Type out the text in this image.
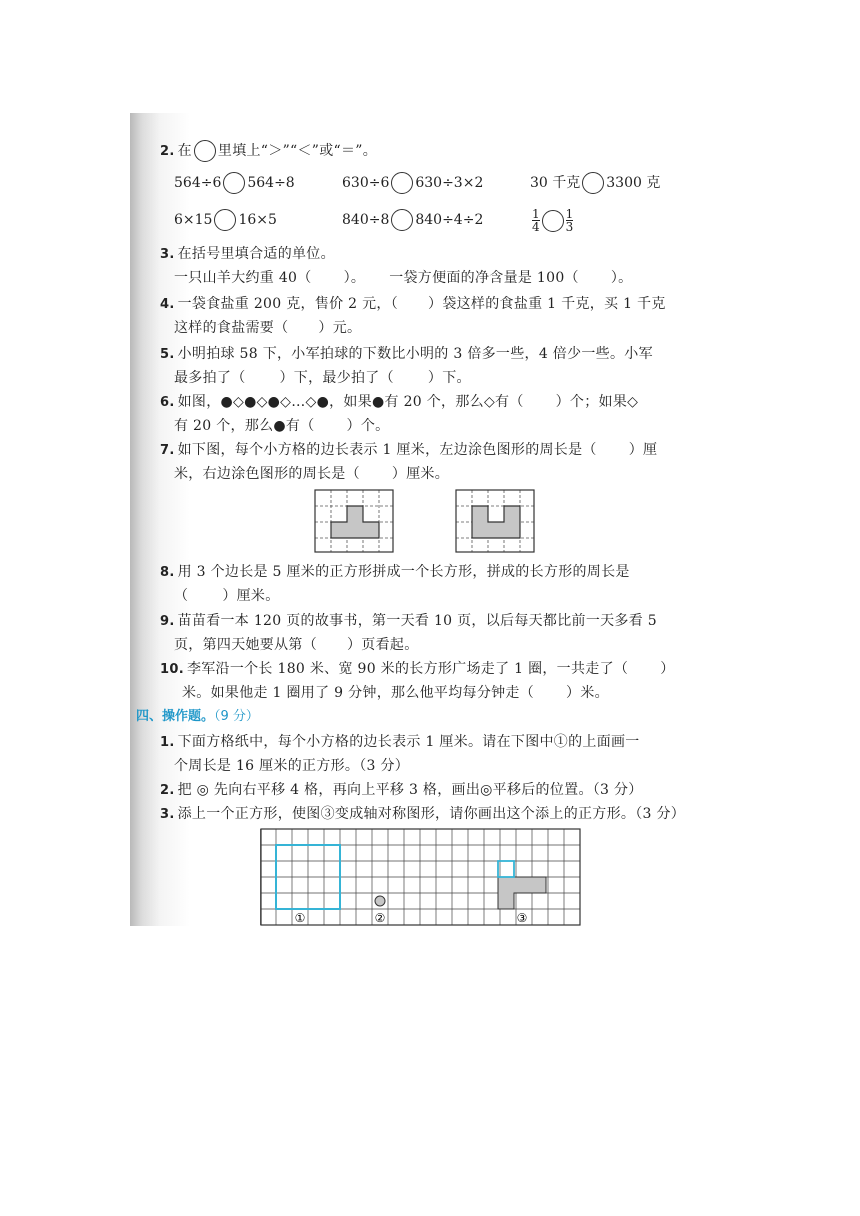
2. 在 里填上“＞”“＜”或“＝”。
564÷6 564÷8	630÷6 630÷3×2	30 千克 3300 克
6×15 16×5	840÷8 840÷4÷2	$\frac{1}{4} \frac{1}{3}$
3. 在括号里填合适的单位。
一只山羊大约重 40（ ）。 一袋方便面的净含量是 100（ ）。
4. 一袋食盐重 200 克，售价 2 元，（ ）袋这样的食盐重 1 千克，买 1 千克
这样的食盐需要（ ）元。
5. 小明拍球 58 下，小军拍球的下数比小明的 3 倍多一些，4 倍少一些。小军
最多拍了（ ）下，最少拍了（ ）下。
6. 如图，●◇●◇●◇…◇●，如果●有 20 个，那么◇有（ ）个；如果◇
有 20 个，那么●有（ ）个。
7. 如下图，每个小方格的边长表示 1 厘米，左边涂色图形的周长是（ ）厘
米，右边涂色图形的周长是（ ）厘米。
8. 用 3 个边长是 5 厘米的正方形拼成一个长方形，拼成的长方形的周长是
（ ）厘米。
9. 苗苗看一本 120 页的故事书，第一天看 10 页，以后每天都比前一天多看 5
页，第四天她要从第（ ）页看起。
10. 李军沿一个长 180 米、宽 90 米的长方形广场走了 1 圈，一共走了（ ）
米。如果他走 1 圈用了 9 分钟，那么他平均每分钟走（ ）米。
四、操作题。（9 分）
1. 下面方格纸中，每个小方格的边长表示 1 厘米。请在下图中①的上面画一
个周长是 16 厘米的正方形。（3 分）
2. 把 ◎ 先向右平移 4 格，再向上平移 3 格，画出◎平移后的位置。（3 分）
3. 添上一个正方形，使图③变成轴对称图形，请你画出这个添上的正方形。（3 分）
①	②	③
